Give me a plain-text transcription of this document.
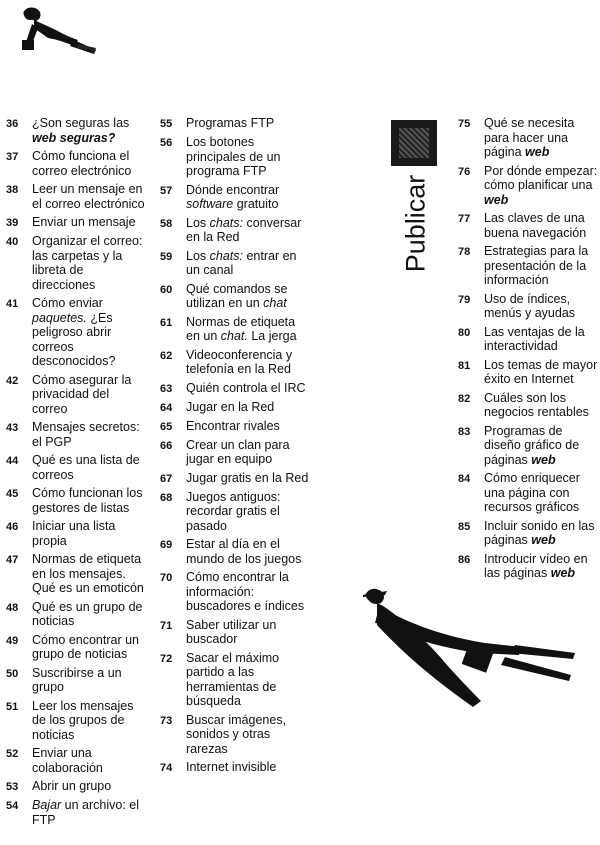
Publicar
36	¿Son seguras las web seguras?
37	Cómo funciona el correo electrónico
38	Leer un mensaje en el correo electrónico
39	Enviar un mensaje
40	Organizar el correo: las carpetas y la libreta de direcciones
41	Cómo enviar paquetes. ¿Es peligroso abrir correos desconocidos?
42	Cómo asegurar la privacidad del correo
43	Mensajes secretos: el PGP
44	Qué es una lista de correos
45	Cómo funcionan los gestores de listas
46	Iniciar una lista propia
47	Normas de etiqueta en los mensajes. Qué es un emoticón
48	Qué es un grupo de noticias
49	Cómo encontrar un grupo de noticias
50	Suscribirse a un grupo
51	Leer los mensajes de los grupos de noticias
52	Enviar una colaboración
53	Abrir un grupo
54	Bajar un archivo: el FTP
55	Programas FTP
56	Los botones principales de un programa FTP
57	Dónde encontrar software gratuito
58	Los chats: conversar en la Red
59	Los chats: entrar en un canal
60	Qué comandos se utilizan en un chat
61	Normas de etiqueta en un chat. La jerga
62	Videoconferencia y telefonía en la Red
63	Quién controla el IRC
64	Jugar en la Red
65	Encontrar rivales
66	Crear un clan para jugar en equipo
67	Jugar gratis en la Red
68	Juegos antiguos: recordar gratis el pasado
69	Estar al día en el mundo de los juegos
70	Cómo encontrar la información: buscadores e índices
71	Saber utilizar un buscador
72	Sacar el máximo partido a las herramientas de búsqueda
73	Buscar imágenes, sonidos y otras rarezas
74	Internet invisible
75	Qué se necesita para hacer una página web
76	Por dónde empezar: cómo planificar una web
77	Las claves de una buena navegación
78	Estrategias para la presentación de la información
79	Uso de índices, menús y ayudas
80	Las ventajas de la interactividad
81	Los temas de mayor éxito en Internet
82	Cuáles son los negocios rentables
83	Programas de diseño gráfico de páginas web
84	Cómo enriquecer una página con recursos gráficos
85	Incluir sonido en las páginas web
86	Introducir vídeo en las páginas web
